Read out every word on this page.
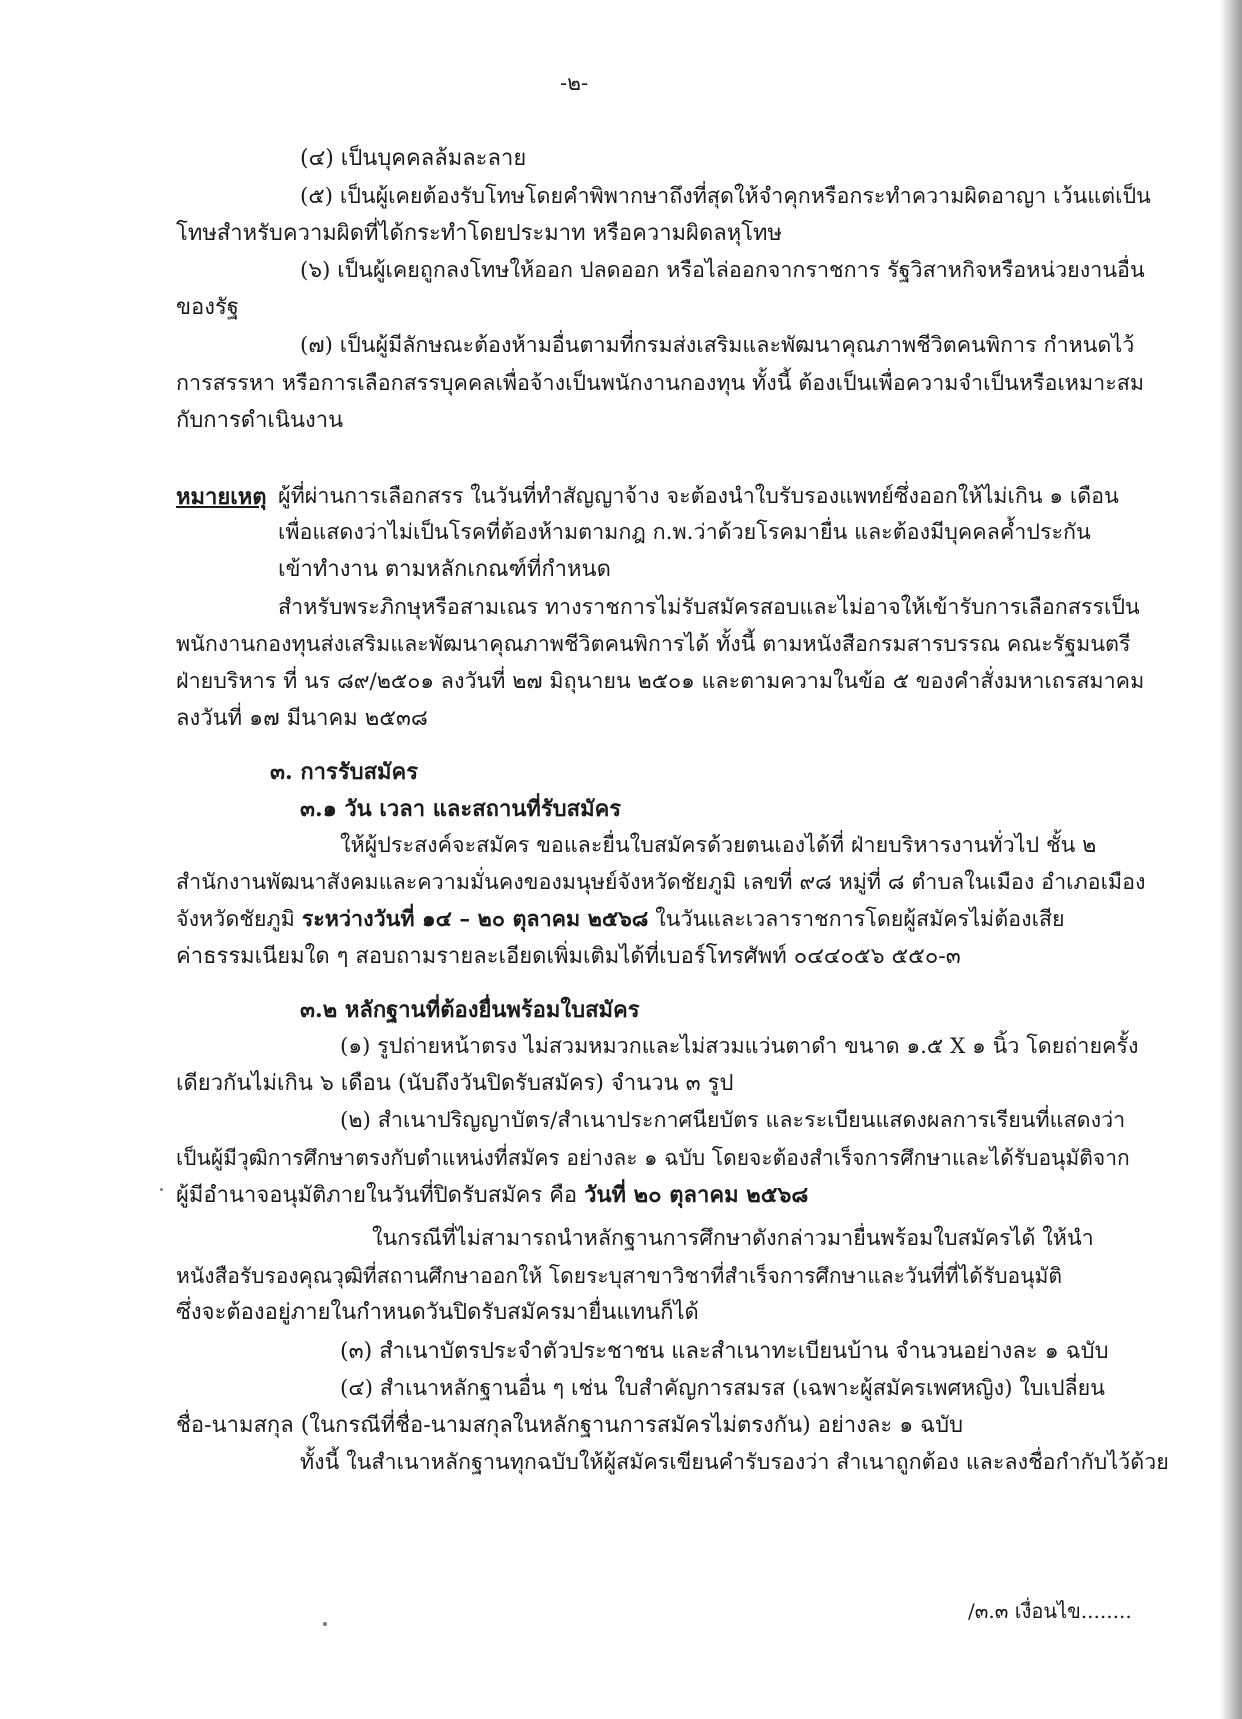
-๒-
(๔) เป็นบุคคลล้มละลาย
(๕) เป็นผู้เคยต้องรับโทษโดยคำพิพากษาถึงที่สุดให้จำคุกหรือกระทำความผิดอาญา เว้นแต่เป็น
โทษสำหรับความผิดที่ได้กระทำโดยประมาท หรือความผิดลหุโทษ
(๖) เป็นผู้เคยถูกลงโทษให้ออก ปลดออก หรือไล่ออกจากราชการ รัฐวิสาหกิจหรือหน่วยงานอื่น
ของรัฐ
(๗) เป็นผู้มีลักษณะต้องห้ามอื่นตามที่กรมส่งเสริมและพัฒนาคุณภาพชีวิตคนพิการ กำหนดไว้
การสรรหา หรือการเลือกสรรบุคคลเพื่อจ้างเป็นพนักงานกองทุน ทั้งนี้ ต้องเป็นเพื่อความจำเป็นหรือเหมาะสม
กับการดำเนินงาน
หมายเหตุ ผู้ที่ผ่านการเลือกสรร ในวันที่ทำสัญญาจ้าง จะต้องนำใบรับรองแพทย์ซึ่งออกให้ไม่เกิน ๑ เดือน
เพื่อแสดงว่าไม่เป็นโรคที่ต้องห้ามตามกฎ ก.พ.ว่าด้วยโรคมายื่น และต้องมีบุคคลค้ำประกัน
เข้าทำงาน ตามหลักเกณฑ์ที่กำหนด
สำหรับพระภิกษุหรือสามเณร ทางราชการไม่รับสมัครสอบและไม่อาจให้เข้ารับการเลือกสรรเป็น
พนักงานกองทุนส่งเสริมและพัฒนาคุณภาพชีวิตคนพิการได้ ทั้งนี้ ตามหนังสือกรมสารบรรณ คณะรัฐมนตรี
ฝ่ายบริหาร ที่ นร ๘๙/๒๕๐๑ ลงวันที่ ๒๗ มิถุนายน ๒๕๐๑ และตามความในข้อ ๕ ของคำสั่งมหาเถรสมาคม
ลงวันที่ ๑๗ มีนาคม ๒๕๓๘
๓. การรับสมัคร
๓.๑ วัน เวลา และสถานที่รับสมัคร
ให้ผู้ประสงค์จะสมัคร ขอและยื่นใบสมัครด้วยตนเองได้ที่ ฝ่ายบริหารงานทั่วไป ชั้น ๒
สำนักงานพัฒนาสังคมและความมั่นคงของมนุษย์จังหวัดชัยภูมิ เลขที่ ๙๘ หมู่ที่ ๘ ตำบลในเมือง อำเภอเมือง
จังหวัดชัยภูมิ ระหว่างวันที่ ๑๔ – ๒๐ ตุลาคม ๒๕๖๘ ในวันและเวลาราชการโดยผู้สมัครไม่ต้องเสีย
ค่าธรรมเนียมใด ๆ สอบถามรายละเอียดเพิ่มเติมได้ที่เบอร์โทรศัพท์ ๐๔๔๐๕๖ ๕๕๐-๓
๓.๒ หลักฐานที่ต้องยื่นพร้อมใบสมัคร
(๑) รูปถ่ายหน้าตรง ไม่สวมหมวกและไม่สวมแว่นตาดำ ขนาด ๑.๕ X ๑ นิ้ว โดยถ่ายครั้ง
เดียวกันไม่เกิน ๖ เดือน (นับถึงวันปิดรับสมัคร) จำนวน ๓ รูป
(๒) สำเนาปริญญาบัตร/สำเนาประกาศนียบัตร และระเบียนแสดงผลการเรียนที่แสดงว่า
เป็นผู้มีวุฒิการศึกษาตรงกับตำแหน่งที่สมัคร อย่างละ ๑ ฉบับ โดยจะต้องสำเร็จการศึกษาและได้รับอนุมัติจาก
ผู้มีอำนาจอนุมัติภายในวันที่ปิดรับสมัคร คือ วันที่ ๒๐ ตุลาคม ๒๕๖๘
ในกรณีที่ไม่สามารถนำหลักฐานการศึกษาดังกล่าวมายื่นพร้อมใบสมัครได้ ให้นำ
หนังสือรับรองคุณวุฒิที่สถานศึกษาออกให้ โดยระบุสาขาวิชาที่สำเร็จการศึกษาและวันที่ที่ได้รับอนุมัติ
ซึ่งจะต้องอยู่ภายในกำหนดวันปิดรับสมัครมายื่นแทนก็ได้
(๓) สำเนาบัตรประจำตัวประชาชน และสำเนาทะเบียนบ้าน จำนวนอย่างละ ๑ ฉบับ
(๔) สำเนาหลักฐานอื่น ๆ เช่น ใบสำคัญการสมรส (เฉพาะผู้สมัครเพศหญิง) ใบเปลี่ยน
ชื่อ-นามสกุล (ในกรณีที่ชื่อ-นามสกุลในหลักฐานการสมัครไม่ตรงกัน) อย่างละ ๑ ฉบับ
ทั้งนี้ ในสำเนาหลักฐานทุกฉบับให้ผู้สมัครเขียนคำรับรองว่า สำเนาถูกต้อง และลงชื่อกำกับไว้ด้วย
/๓.๓ เงื่อนไข........
